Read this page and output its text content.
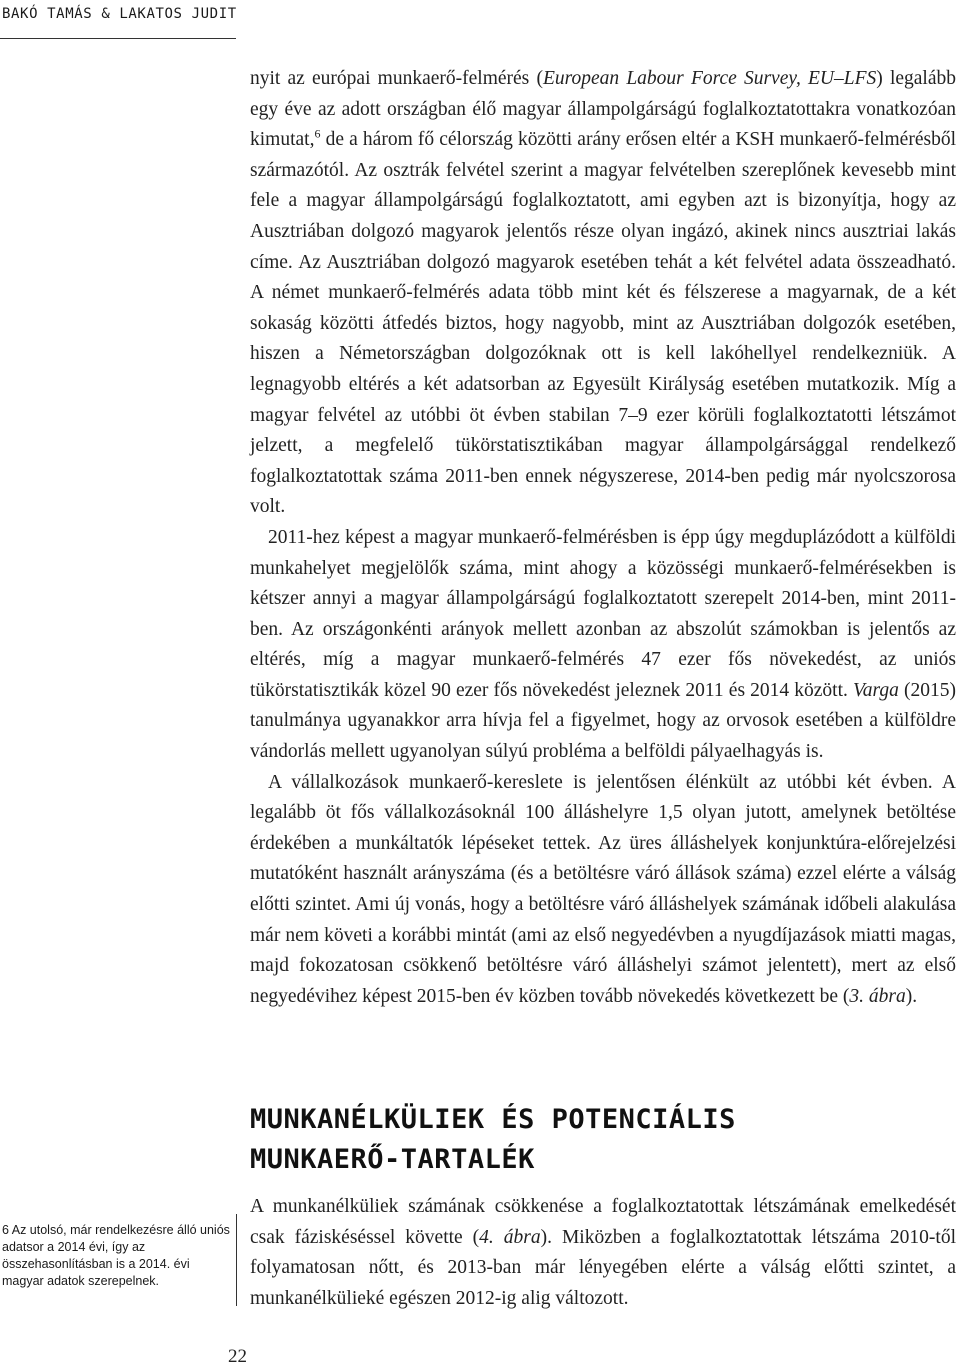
BAKÓ TAMÁS & LAKATOS JUDIT

nyit az európai munkaerő-felmérés (European Labour Force Survey, EU–LFS) legalább egy éve az adott országban élő magyar állampolgárságú foglalkoztatottakra vonatkozóan kimutat,$^6$ de a három fő célország közötti arány erősen eltér a KSH munkaerő-felmérésből származótól. Az osztrák felvétel szerint a magyar felvételben szereplőnek kevesebb mint fele a magyar állampolgárságú foglalkoztatott, ami egyben azt is bizonyítja, hogy az Ausztriában dolgozó magyarok jelentős része olyan ingázó, akinek nincs ausztriai lakás címe. Az Ausztriában dolgozó magyarok esetében tehát a két felvétel adata összeadható. A német munkaerő-felmérés adata több mint két és félszerese a magyarnak, de a két sokaság közötti átfedés biztos, hogy nagyobb, mint az Ausztriában dolgozók esetében, hiszen a Németországban dolgozóknak ott is kell lakóhellyel rendelkezniük. A legnagyobb eltérés a két adatsorban az Egyesült Királyság esetében mutatkozik. Míg a magyar felvétel az utóbbi öt évben stabilan 7–9 ezer körüli foglalkoztatotti létszámot jelzett, a megfelelő tükörstatisztikában magyar állampolgársággal rendelkező foglalkoztatottak száma 2011-ben ennek négyszerese, 2014-ben pedig már nyolcszorosa volt.

2011-hez képest a magyar munkaerő-felmérésben is épp úgy megduplázódott a külföldi munkahelyet megjelölők száma, mint ahogy a közösségi munkaerő-felmérésekben is kétszer annyi a magyar állampolgárságú foglalkoztatott szerepelt 2014-ben, mint 2011-ben. Az országonkénti arányok mellett azonban az abszolút számokban is jelentős az eltérés, míg a magyar munkaerő-felmérés 47 ezer fős növekedést, az uniós tükörstatisztikák közel 90 ezer fős növekedést jeleznek 2011 és 2014 között. Varga (2015) tanulmánya ugyanakkor arra hívja fel a figyelmet, hogy az orvosok esetében a külföldre vándorlás mellett ugyanolyan súlyú probléma a belföldi pályaelhagyás is.

A vállalkozások munkaerő-kereslete is jelentősen élénkült az utóbbi két évben. A legalább öt fős vállalkozásoknál 100 álláshelyre 1,5 olyan jutott, amelynek betöltése érdekében a munkáltatók lépéseket tettek. Az üres álláshelyek konjunktúra-előrejelzési mutatóként használt arányszáma (és a betöltésre váró állások száma) ezzel elérte a válság előtti szintet. Ami új vonás, hogy a betöltésre váró álláshelyek számának időbeli alakulása már nem követi a korábbi mintát (ami az első negyedévben a nyugdíjazások miatti magas, majd fokozatosan csökkenő betöltésre váró álláshelyi számot jelentett), mert az első negyedévihez képest 2015-ben év közben tovább növekedés következett be (3. ábra).

MUNKANÉLKÜLIEK ÉS POTENCIÁLIS
MUNKAERŐ-TARTALÉK

A munkanélküliek számának csökkenése a foglalkoztatottak létszámának emelkedését csak fáziskéséssel követte (4. ábra). Miközben a foglalkoztatottak létszáma 2010-től folyamatosan nőtt, és 2013-ban már lényegében elérte a válság előtti szintet, a munkanélkülieké egészen 2012-ig alig változott.

6 Az utolsó, már rendelkezésre álló uniós adatsor a 2014 évi, így az összehasonlításban is a 2014. évi magyar adatok szerepelnek.

22
